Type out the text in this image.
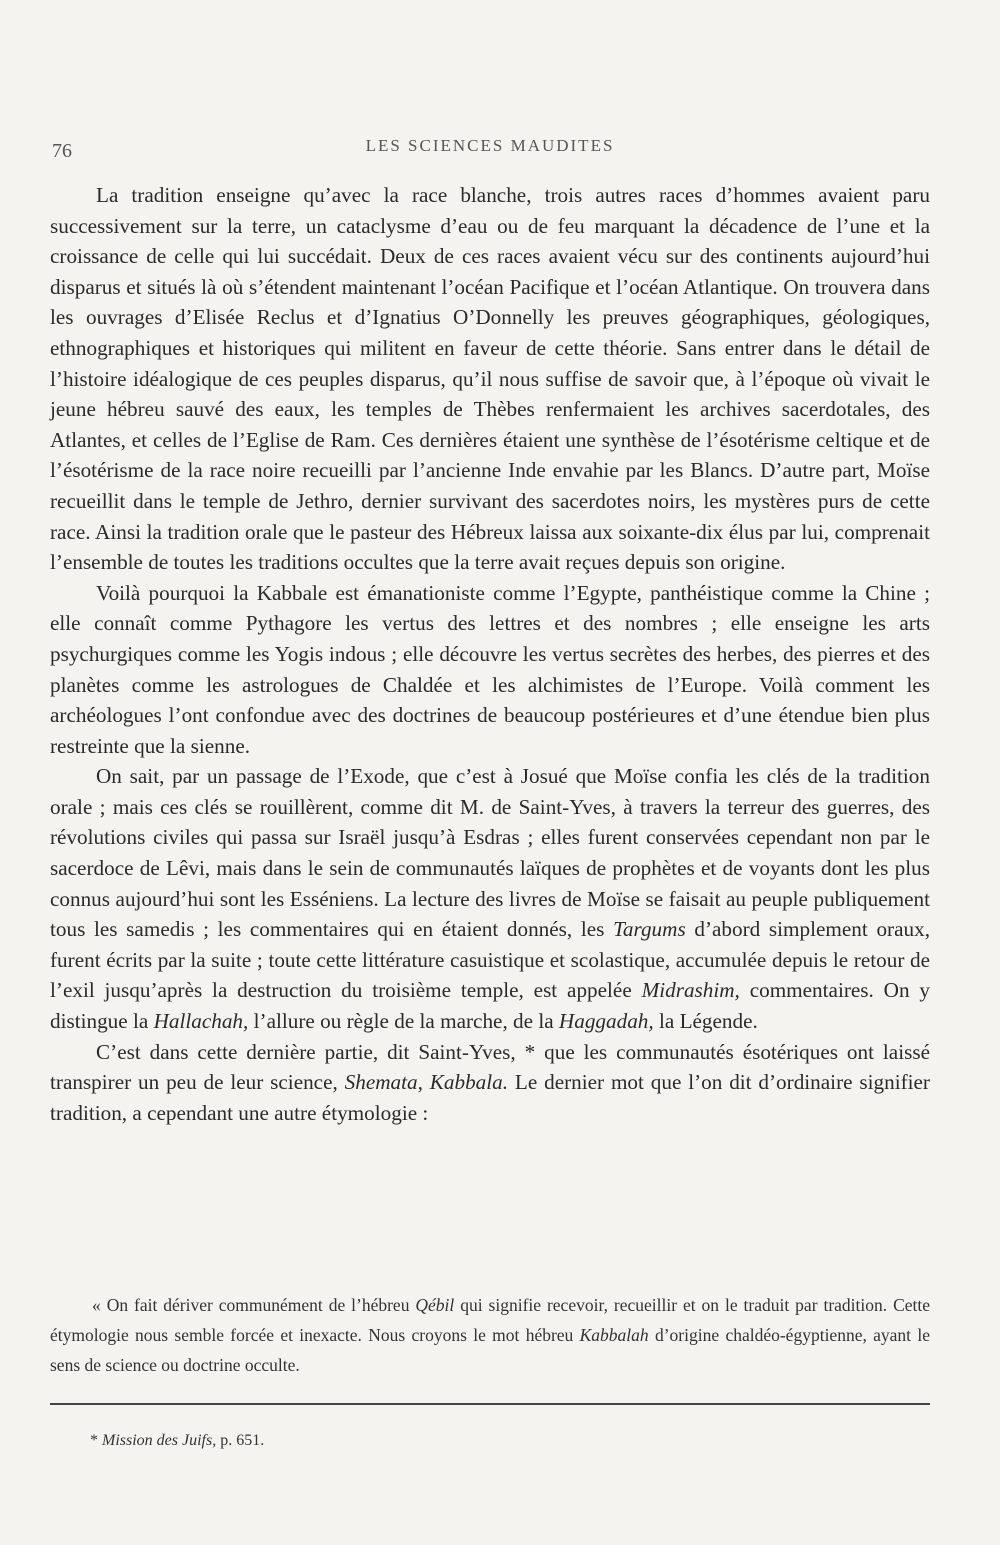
76	LES SCIENCES MAUDITES

La tradition enseigne qu’avec la race blanche, trois autres races d’hommes avaient paru successivement sur la terre, un cataclysme d’eau ou de feu marquant la décadence de l’une et la croissance de celle qui lui succédait. Deux de ces races avaient vécu sur des continents aujourd’hui disparus et situés là où s’étendent maintenant l’océan Pacifique et l’océan Atlantique. On trouvera dans les ouvrages d’Elisée Reclus et d’Ignatius O’Donnelly les preuves géographiques, géologiques, ethnographiques et historiques qui militent en faveur de cette théorie. Sans entrer dans le détail de l’histoire idéalogique de ces peuples disparus, qu’il nous suffise de savoir que, à l’époque où vivait le jeune hébreu sauvé des eaux, les temples de Thèbes renfermaient les archives sacerdotales, des Atlantes, et celles de l’Eglise de Ram. Ces dernières étaient une synthèse de l’ésotérisme celtique et de l’ésotérisme de la race noire recueilli par l’ancienne Inde envahie par les Blancs. D’autre part, Moïse recueillit dans le temple de Jethro, dernier survivant des sacerdotes noirs, les mystères purs de cette race. Ainsi la tradition orale que le pasteur des Hébreux laissa aux soixante-dix élus par lui, comprenait l’ensemble de toutes les traditions occultes que la terre avait reçues depuis son origine.

Voilà pourquoi la Kabbale est émanationiste comme l’Egypte, panthéistique comme la Chine ; elle connaît comme Pythagore les vertus des lettres et des nombres ; elle enseigne les arts psychurgiques comme les Yogis indous ; elle découvre les vertus secrètes des herbes, des pierres et des planètes comme les astrologues de Chaldée et les alchimistes de l’Europe. Voilà comment les archéologues l’ont confondue avec des doctrines de beaucoup postérieures et d’une étendue bien plus restreinte que la sienne.

On sait, par un passage de l’Exode, que c’est à Josué que Moïse confia les clés de la tradition orale ; mais ces clés se rouillèrent, comme dit M. de Saint-Yves, à travers la terreur des guerres, des révolutions civiles qui passa sur Israël jusqu’à Esdras ; elles furent conservées cependant non par le sacerdoce de Lêvi, mais dans le sein de communautés laïques de prophètes et de voyants dont les plus connus aujourd’hui sont les Esséniens. La lecture des livres de Moïse se faisait au peuple publiquement tous les samedis ; les commentaires qui en étaient donnés, les Targums d’abord simplement oraux, furent écrits par la suite ; toute cette littérature casuistique et scolastique, accumulée depuis le retour de l’exil jusqu’après la destruction du troisième temple, est appelée Midrashim, commentaires. On y distingue la Hallachah, l’allure ou règle de la marche, de la Haggadah, la Légende.

C’est dans cette dernière partie, dit Saint-Yves, * que les communautés ésotériques ont laissé transpirer un peu de leur science, Shemata, Kabbala. Le dernier mot que l’on dit d’ordinaire signifier tradition, a cependant une autre étymologie :

« On fait dériver communément de l’hébreu Qébil qui signifie recevoir, recueillir et on le traduit par tradition. Cette étymologie nous semble forcée et inexacte. Nous croyons le mot hébreu Kabbalah d’origine chaldéo-égyptienne, ayant le sens de science ou doctrine occulte.

* Mission des Juifs, p. 651.
